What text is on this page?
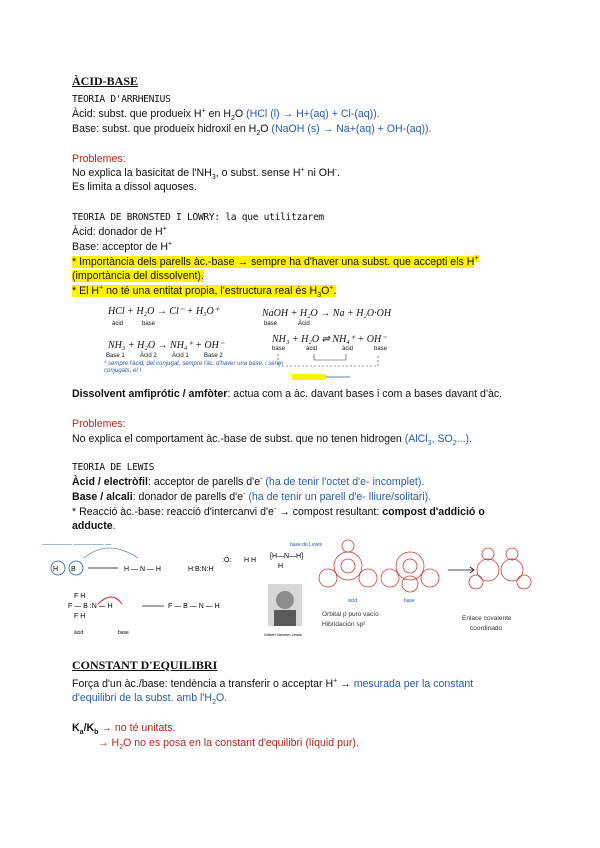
ÀCID-BASE
TEORIA D'ARRHENIUS
Àcid: subst. que produeix H+ en $H_2O$ (HCl (l) → H+(aq) + Cl-(aq)).
Base: subst. que produeix hidroxil en $H_2O$ (NaOH (s) → Na+(aq) + OH-(aq)).
Problemes:
No explica la basicitat de $l'NH_3$, o subst. sense H+ ni OH-.
Es limita a dissol aquoses.
TEORIA DE BRONSTED I LOWRY: la que utilitzarem
Àcid: donador de H+
Base: acceptor de H+
* Importància dels parells àc.-base → sempre ha d'haver una subst. que accepti els H+
(importància del dissolvent).
* El H+ no té una entitat propia, l'estructura real és $H_3O^+$.
HCl + H₂O → Cl⁻ + H₃O⁺
àcid	base
NH₃ + H₂O → NH₄⁺ + OH⁻
Base 1	Àcid 2	Àcid 1	Base 2
NaOH + H₂O → Na + H₂O·OH
base	Àcid
NH₃ + H₂O ⇌ NH₄⁺ + OH⁻
base	àcid	àcid	base
* sempre l'àcid, del conjugat, sempre l'àc. d'haver una base, i seran conjugats, el·l
Dissolvent amfiprótic / amfòter: actua com a àc. davant bases i com a bases davant d'àc.
Problemes:
No explica el comportament àc.-base de subst. que no tenen hidrogen (AlCl$_3$, $SO_2$...).
TEORIA DE LEWIS
Àcid / electròfil: acceptor de parells d'e- (ha de tenir l'octet d'e- incomplet).
Base / alcali: donador de parells d'e- (ha de tenir un parell d'e- lliure/solitari).
* Reacció àc.-base: reacció d'intercanvi d'e- → compost resultant: compost d'addició o
adducte.
————— ————— —
H B	H — N — H	H:B:N:H
F H
F — B :N — H
F H
F — B — N — H
àcid	base
:Ö: H H
[H—N—H]
H
base de Lewis
Gilbert Newton Lewis
Orbital p puro vacío
Hibridación sp²
Enlace covalente
coordinado
base
àcid
CONSTANT D'EQUILIBRI
Força d'un àc./base: tendència a transferir o acceptar H+ → mesurada per la constant
d'equilibri de la subst. amb $l'H_2O$.
$K_a/K_b$ → no té unitats.
→ $H_2O$ no es posa en la constant d'equilibri (líquid pur).
